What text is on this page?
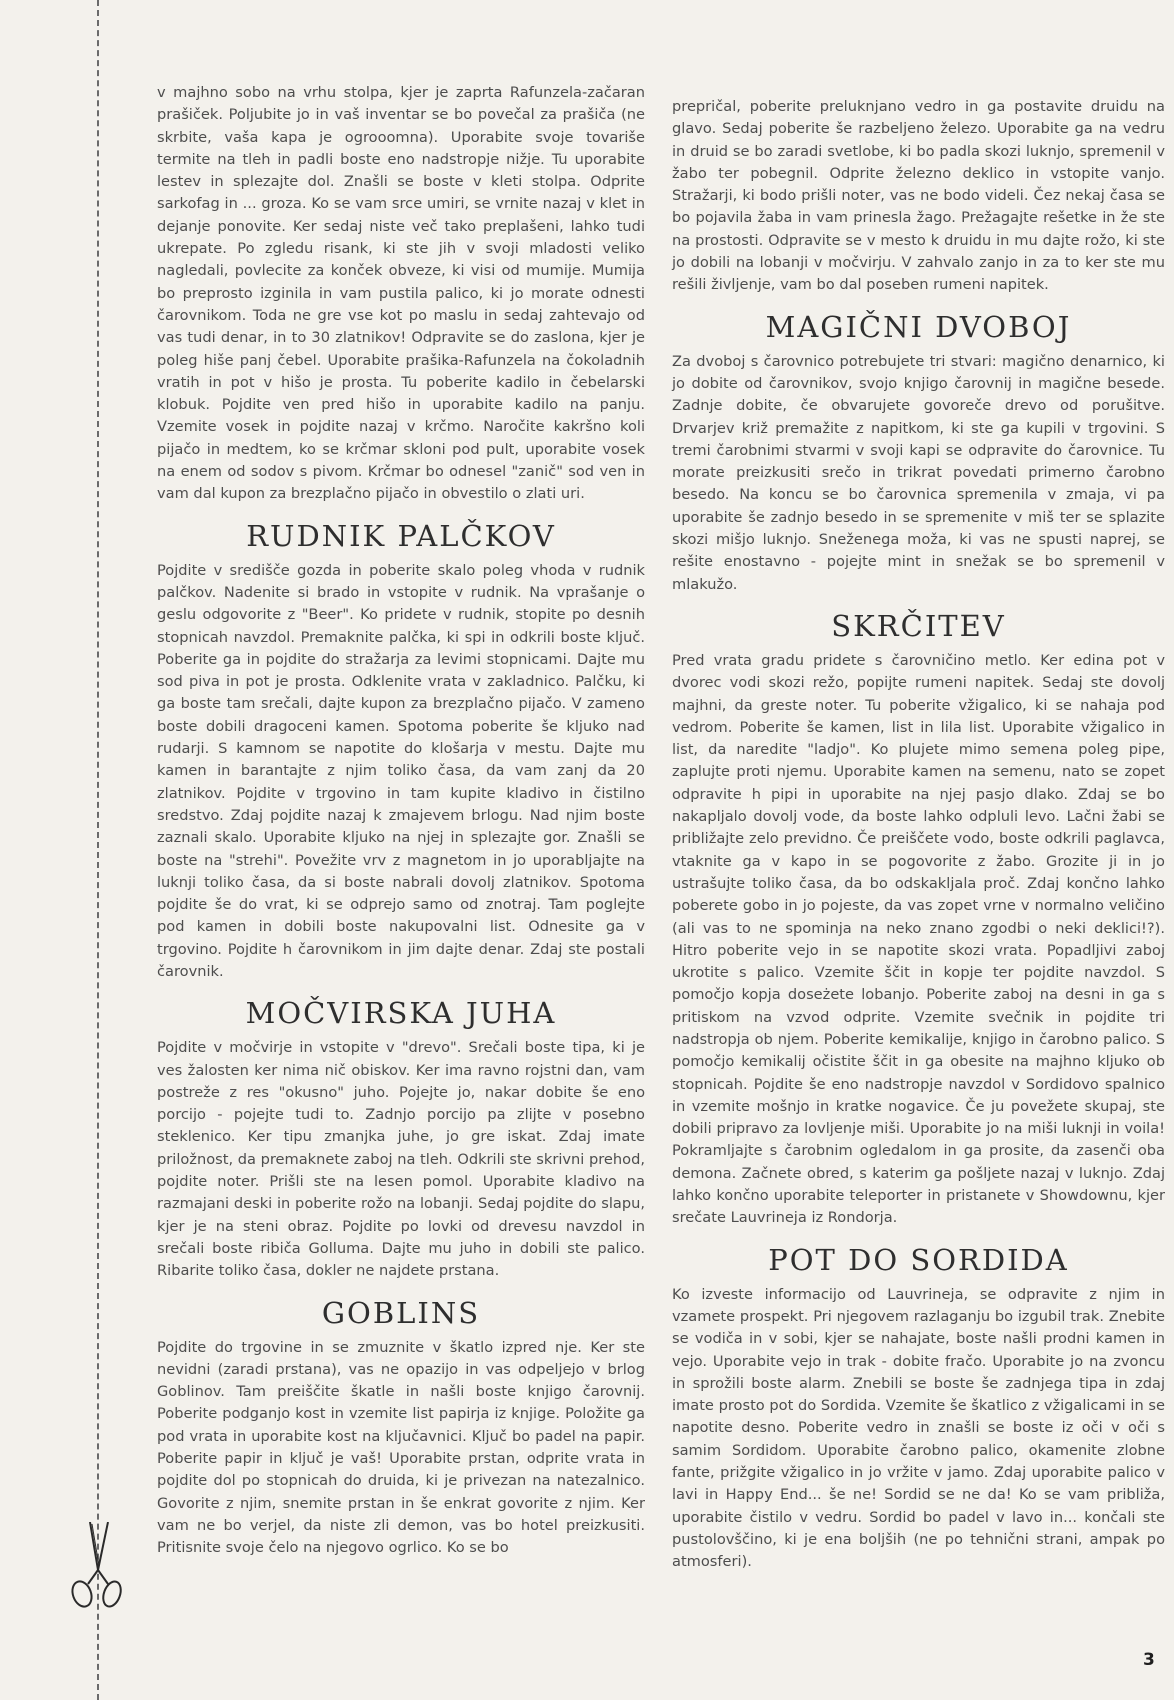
v majhno sobo na vrhu stolpa, kjer je zaprta Rafunzela-začaran prašiček. Poljubite jo in vaš inventar se bo povečal za prašiča (ne skrbite, vaša kapa je ogrooomna). Uporabite svoje tovariše termite na tleh in padli boste eno nadstropje nižje. Tu uporabite lestev in splezajte dol. Znašli se boste v kleti stolpa. Odprite sarkofag in ... groza. Ko se vam srce umiri, se vrnite nazaj v klet in dejanje ponovite. Ker sedaj niste več tako preplašeni, lahko tudi ukrepate. Po zgledu risank, ki ste jih v svoji mladosti veliko nagledali, povlecite za konček obveze, ki visi od mumije. Mumija bo preprosto izginila in vam pustila palico, ki jo morate odnesti čarovnikom. Toda ne gre vse kot po maslu in sedaj zahtevajo od vas tudi denar, in to 30 zlatnikov! Odpravite se do zaslona, kjer je poleg hiše panj čebel. Uporabite prašika-Rafunzela na čokoladnih vratih in pot v hišo je prosta. Tu poberite kadilo in čebelarski klobuk. Pojdite ven pred hišo in uporabite kadilo na panju. Vzemite vosek in pojdite nazaj v krčmo. Naročite kakršno koli pijačo in medtem, ko se krčmar skloni pod pult, uporabite vosek na enem od sodov s pivom. Krčmar bo odnesel "zanič" sod ven in vam dal kupon za brezplačno pijačo in obvestilo o zlati uri.

RUDNIK PALČKOV

Pojdite v središče gozda in poberite skalo poleg vhoda v rudnik palčkov. Nadenite si brado in vstopite v rudnik. Na vprašanje o geslu odgovorite z "Beer". Ko pridete v rudnik, stopite po desnih stopnicah navzdol. Premaknite palčka, ki spi in odkrili boste ključ. Poberite ga in pojdite do stražarja za levimi stopnicami. Dajte mu sod piva in pot je prosta. Odklenite vrata v zakladnico. Palčku, ki ga boste tam srečali, dajte kupon za brezplačno pijačo. V zameno boste dobili dragoceni kamen. Spotoma poberite še kljuko nad rudarji. S kamnom se napotite do klošarja v mestu. Dajte mu kamen in barantajte z njim toliko časa, da vam zanj da 20 zlatnikov. Pojdite v trgovino in tam kupite kladivo in čistilno sredstvo. Zdaj pojdite nazaj k zmajevem brlogu. Nad njim boste zaznali skalo. Uporabite kljuko na njej in splezajte gor. Znašli se boste na "strehi". Povežite vrv z magnetom in jo uporabljajte na luknji toliko časa, da si boste nabrali dovolj zlatnikov. Spotoma pojdite še do vrat, ki se odprejo samo od znotraj. Tam poglejte pod kamen in dobili boste nakupovalni list. Odnesite ga v trgovino. Pojdite h čarovnikom in jim dajte denar. Zdaj ste postali čarovnik.

MOČVIRSKA JUHA

Pojdite v močvirje in vstopite v "drevo". Srečali boste tipa, ki je ves žalosten ker nima nič obiskov. Ker ima ravno rojstni dan, vam postreže z res "okusno" juho. Pojejte jo, nakar dobite še eno porcijo - pojejte tudi to. Zadnjo porcijo pa zlijte v posebno steklenico. Ker tipu zmanjka juhe, jo gre iskat. Zdaj imate priložnost, da premaknete zaboj na tleh. Odkrili ste skrivni prehod, pojdite noter. Prišli ste na lesen pomol. Uporabite kladivo na razmajani deski in poberite rožo na lobanji. Sedaj pojdite do slapu, kjer je na steni obraz. Pojdite po lovki od drevesu navzdol in srečali boste ribiča Golluma. Dajte mu juho in dobili ste palico. Ribarite toliko časa, dokler ne najdete prstana.

GOBLINS

Pojdite do trgovine in se zmuznite v škatlo izpred nje. Ker ste nevidni (zaradi prstana), vas ne opazijo in vas odpeljejo v brlog Goblinov. Tam preiščite škatle in našli boste knjigo čarovnij. Poberite podganjo kost in vzemite list papirja iz knjige. Položite ga pod vrata in uporabite kost na ključavnici. Ključ bo padel na papir. Poberite papir in ključ je vaš! Uporabite prstan, odprite vrata in pojdite dol po stopnicah do druida, ki je privezan na natezalnico. Govorite z njim, snemite prstan in še enkrat govorite z njim. Ker vam ne bo verjel, da niste zli demon, vas bo hotel preizkusiti. Pritisnite svoje čelo na njegovo ogrlico. Ko se bo

prepričal, poberite preluknjano vedro in ga postavite druidu na glavo. Sedaj poberite še razbeljeno železo. Uporabite ga na vedru in druid se bo zaradi svetlobe, ki bo padla skozi luknjo, spremenil v žabo ter pobegnil. Odprite železno deklico in vstopite vanjo. Stražarji, ki bodo prišli noter, vas ne bodo videli. Čez nekaj časa se bo pojavila žaba in vam prinesla žago. Prežagajte rešetke in že ste na prostosti. Odpravite se v mesto k druidu in mu dajte rožo, ki ste jo dobili na lobanji v močvirju. V zahvalo zanjo in za to ker ste mu rešili življenje, vam bo dal poseben rumeni napitek.

MAGIČNI DVOBOJ

Za dvoboj s čarovnico potrebujete tri stvari: magično denarnico, ki jo dobite od čarovnikov, svojo knjigo čarovnij in magične besede. Zadnje dobite, če obvarujete govoreče drevo od porušitve. Drvarjev križ premažite z napitkom, ki ste ga kupili v trgovini. S tremi čarobnimi stvarmi v svoji kapi se odpravite do čarovnice. Tu morate preizkusiti srečo in trikrat povedati primerno čarobno besedo. Na koncu se bo čarovnica spremenila v zmaja, vi pa uporabite še zadnjo besedo in se spremenite v miš ter se splazite skozi mišjo luknjo. Sneženega moža, ki vas ne spusti naprej, se rešite enostavno - pojejte mint in snežak se bo spremenil v mlakužo.

SKRČITEV

Pred vrata gradu pridete s čarovničino metlo. Ker edina pot v dvorec vodi skozi režo, popijte rumeni napitek. Sedaj ste dovolj majhni, da greste noter. Tu poberite vžigalico, ki se nahaja pod vedrom. Poberite še kamen, list in lila list. Uporabite vžigalico in list, da naredite "ladjo". Ko plujete mimo semena poleg pipe, zaplujte proti njemu. Uporabite kamen na semenu, nato se zopet odpravite h pipi in uporabite na njej pasjo dlako. Zdaj se bo nakapljalo dovolj vode, da boste lahko odpluli levo. Lačni žabi se približajte zelo previdno. Če preiščete vodo, boste odkrili paglavca, vtaknite ga v kapo in se pogovorite z žabo. Grozite ji in jo ustrašujte toliko časa, da bo odskakljala proč. Zdaj končno lahko poberete gobo in jo pojeste, da vas zopet vrne v normalno veličino (ali vas to ne spominja na neko znano zgodbi o neki deklici!?). Hitro poberite vejo in se napotite skozi vrata. Popadljivi zaboj ukrotite s palico. Vzemite ščit in kopje ter pojdite navzdol. S pomočjo kopja doseżete lobanjo. Poberite zaboj na desni in ga s pritiskom na vzvod odprite. Vzemite svečnik in pojdite tri nadstropja ob njem. Poberite kemikalije, knjigo in čarobno palico. S pomočjo kemikalij očistite ščit in ga obesite na majhno kljuko ob stopnicah. Pojdite še eno nadstropje navzdol v Sordidovo spalnico in vzemite mošnjo in kratke nogavice. Če ju povežete skupaj, ste dobili pripravo za lovljenje miši. Uporabite jo na miši luknji in voila! Pokramljajte s čarobnim ogledalom in ga prosite, da zasenči oba demona. Začnete obred, s katerim ga pošljete nazaj v luknjo. Zdaj lahko končno uporabite teleporter in pristanete v Showdownu, kjer srečate Lauvrineja iz Rondorja.

POT DO SORDIDA

Ko izveste informacijo od Lauvrineja, se odpravite z njim in vzamete prospekt. Pri njegovem razlaganju bo izgubil trak. Znebite se vodiča in v sobi, kjer se nahajate, boste našli prodni kamen in vejo. Uporabite vejo in trak - dobite fračo. Uporabite jo na zvoncu in sprožili boste alarm. Znebili se boste še zadnjega tipa in zdaj imate prosto pot do Sordida. Vzemite še škatlico z vžigalicami in se napotite desno. Poberite vedro in znašli se boste iz oči v oči s samim Sordidom. Uporabite čarobno palico, okamenite zlobne fante, prižgite vžigalico in jo vržite v jamo. Zdaj uporabite palico v lavi in Happy End... še ne! Sordid se ne da! Ko se vam približa, uporabite čistilo v vedru. Sordid bo padel v lavo in... končali ste pustolovščino, ki je ena boljših (ne po tehnični strani, ampak po atmosferi).

3
